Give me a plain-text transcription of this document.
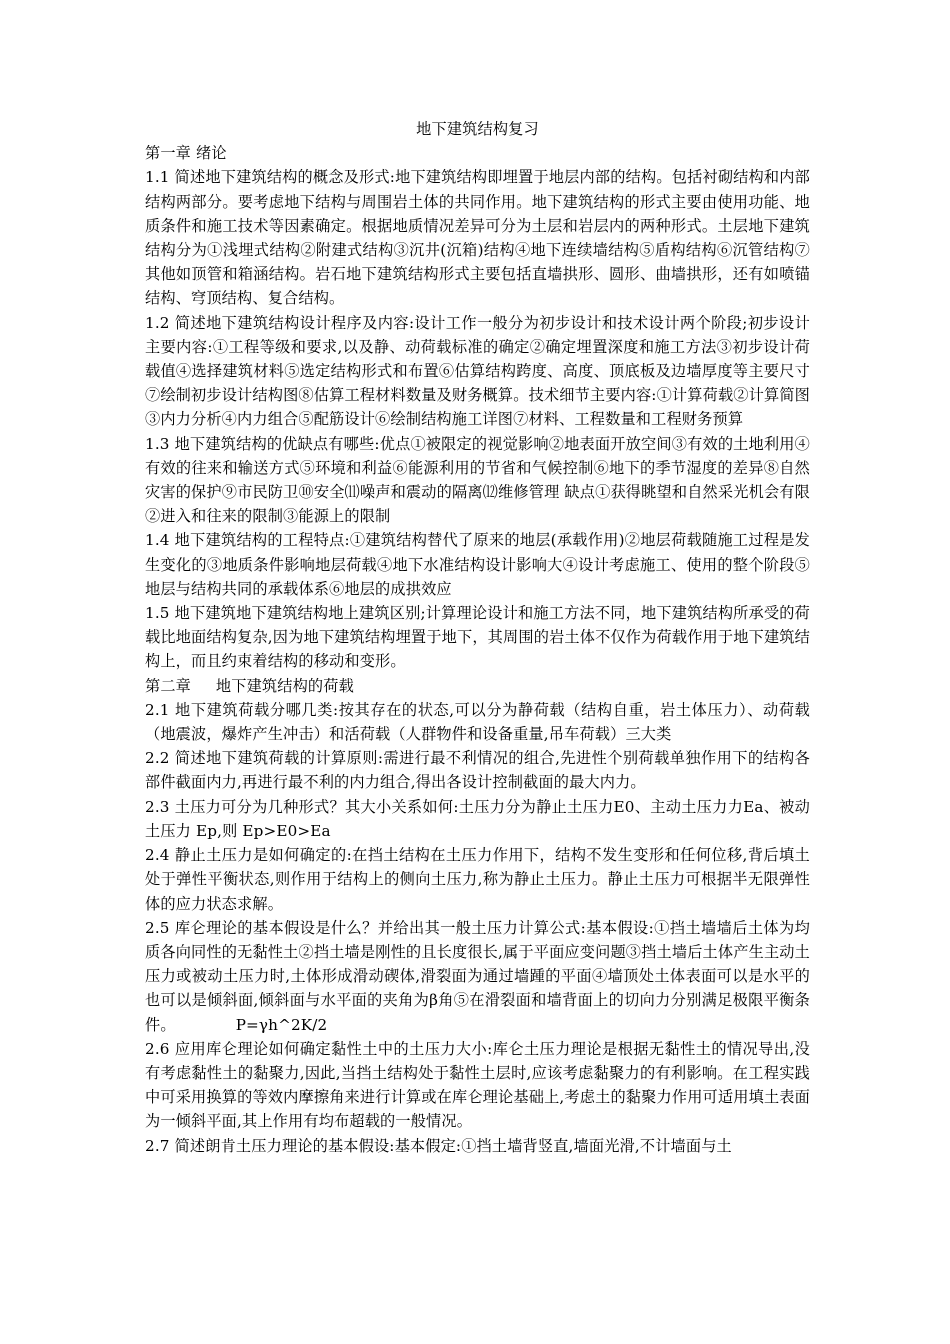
地下建筑结构复习

第一章 绪论

1.1 简述地下建筑结构的概念及形式:地下建筑结构即埋置于地层内部的结构。包括衬砌结构和内部结构两部分。要考虑地下结构与周围岩土体的共同作用。地下建筑结构的形式主要由使用功能、地质条件和施工技术等因素确定。根据地质情况差异可分为土层和岩层内的两种形式。土层地下建筑结构分为①浅埋式结构②附建式结构③沉井(沉箱)结构④地下连续墙结构⑤盾构结构⑥沉管结构⑦其他如顶管和箱涵结构。岩石地下建筑结构形式主要包括直墙拱形、圆形、曲墙拱形，还有如喷锚结构、穹顶结构、复合结构。

1.2 简述地下建筑结构设计程序及内容:设计工作一般分为初步设计和技术设计两个阶段;初步设计主要内容:①工程等级和要求,以及静、动荷载标准的确定②确定埋置深度和施工方法③初步设计荷载值④选择建筑材料⑤选定结构形式和布置⑥估算结构跨度、高度、顶底板及边墙厚度等主要尺寸⑦绘制初步设计结构图⑧估算工程材料数量及财务概算。技术细节主要内容:①计算荷载②计算简图③内力分析④内力组合⑤配筋设计⑥绘制结构施工详图⑦材料、工程数量和工程财务预算

1.3 地下建筑结构的优缺点有哪些:优点①被限定的视觉影响②地表面开放空间③有效的土地利用④有效的往来和输送方式⑤环境和利益⑥能源利用的节省和气候控制⑥地下的季节湿度的差异⑧自然灾害的保护⑨市民防卫⑩安全⑾噪声和震动的隔离⑿维修管理 缺点①获得眺望和自然采光机会有限②进入和往来的限制③能源上的限制

1.4 地下建筑结构的工程特点:①建筑结构替代了原来的地层(承载作用)②地层荷载随施工过程是发生变化的③地质条件影响地层荷载④地下水准结构设计影响大④设计考虑施工、使用的整个阶段⑤地层与结构共同的承载体系⑥地层的成拱效应

1.5 地下建筑地下建筑结构地上建筑区别;计算理论设计和施工方法不同，地下建筑结构所承受的荷载比地面结构复杂,因为地下建筑结构埋置于地下，其周围的岩土体不仅作为荷载作用于地下建筑结构上，而且约束着结构的移动和变形。

第二章     地下建筑结构的荷载

2.1 地下建筑荷载分哪几类:按其存在的状态,可以分为静荷载（结构自重，岩土体压力）、动荷载（地震波，爆炸产生冲击）和活荷载（人群物件和设备重量,吊车荷载）三大类

2.2 简述地下建筑荷载的计算原则:需进行最不利情况的组合,先进性个别荷载单独作用下的结构各部件截面内力,再进行最不利的内力组合,得出各设计控制截面的最大内力。

2.3 土压力可分为几种形式？其大小关系如何:土压力分为静止土压力E0、主动土压力力Ea、被动土压力 Ep,则 Ep>E0>Ea

2.4 静止土压力是如何确定的:在挡土结构在土压力作用下，结构不发生变形和任何位移,背后填土处于弹性平衡状态,则作用于结构上的侧向土压力,称为静止土压力。静止土压力可根据半无限弹性体的应力状态求解。

2.5 库仑理论的基本假设是什么？并给出其一般土压力计算公式:基本假设:①挡土墙墙后土体为均质各向同性的无黏性土②挡土墙是刚性的且长度很长,属于平面应变问题③挡土墙后土体产生主动土压力或被动土压力时,土体形成滑动碶体,滑裂面为通过墙踵的平面④墙顶处土体表面可以是水平的也可以是倾斜面,倾斜面与水平面的夹角为β角⑤在滑裂面和墙背面上的切向力分别满足极限平衡条件。	P=γh^2K/2

2.6 应用库仑理论如何确定黏性土中的土压力大小:库仑土压力理论是根据无黏性土的情况导出,没有考虑黏性土的黏聚力,因此,当挡土结构处于黏性土层时,应该考虑黏聚力的有利影响。在工程实践中可采用换算的等效内摩擦角来进行计算或在库仑理论基础上,考虑土的黏聚力作用可适用填土表面为一倾斜平面,其上作用有均布超载的一般情况。

2.7 简述朗肯土压力理论的基本假设:基本假定:①挡土墙背竖直,墙面光滑,不计墙面与土
